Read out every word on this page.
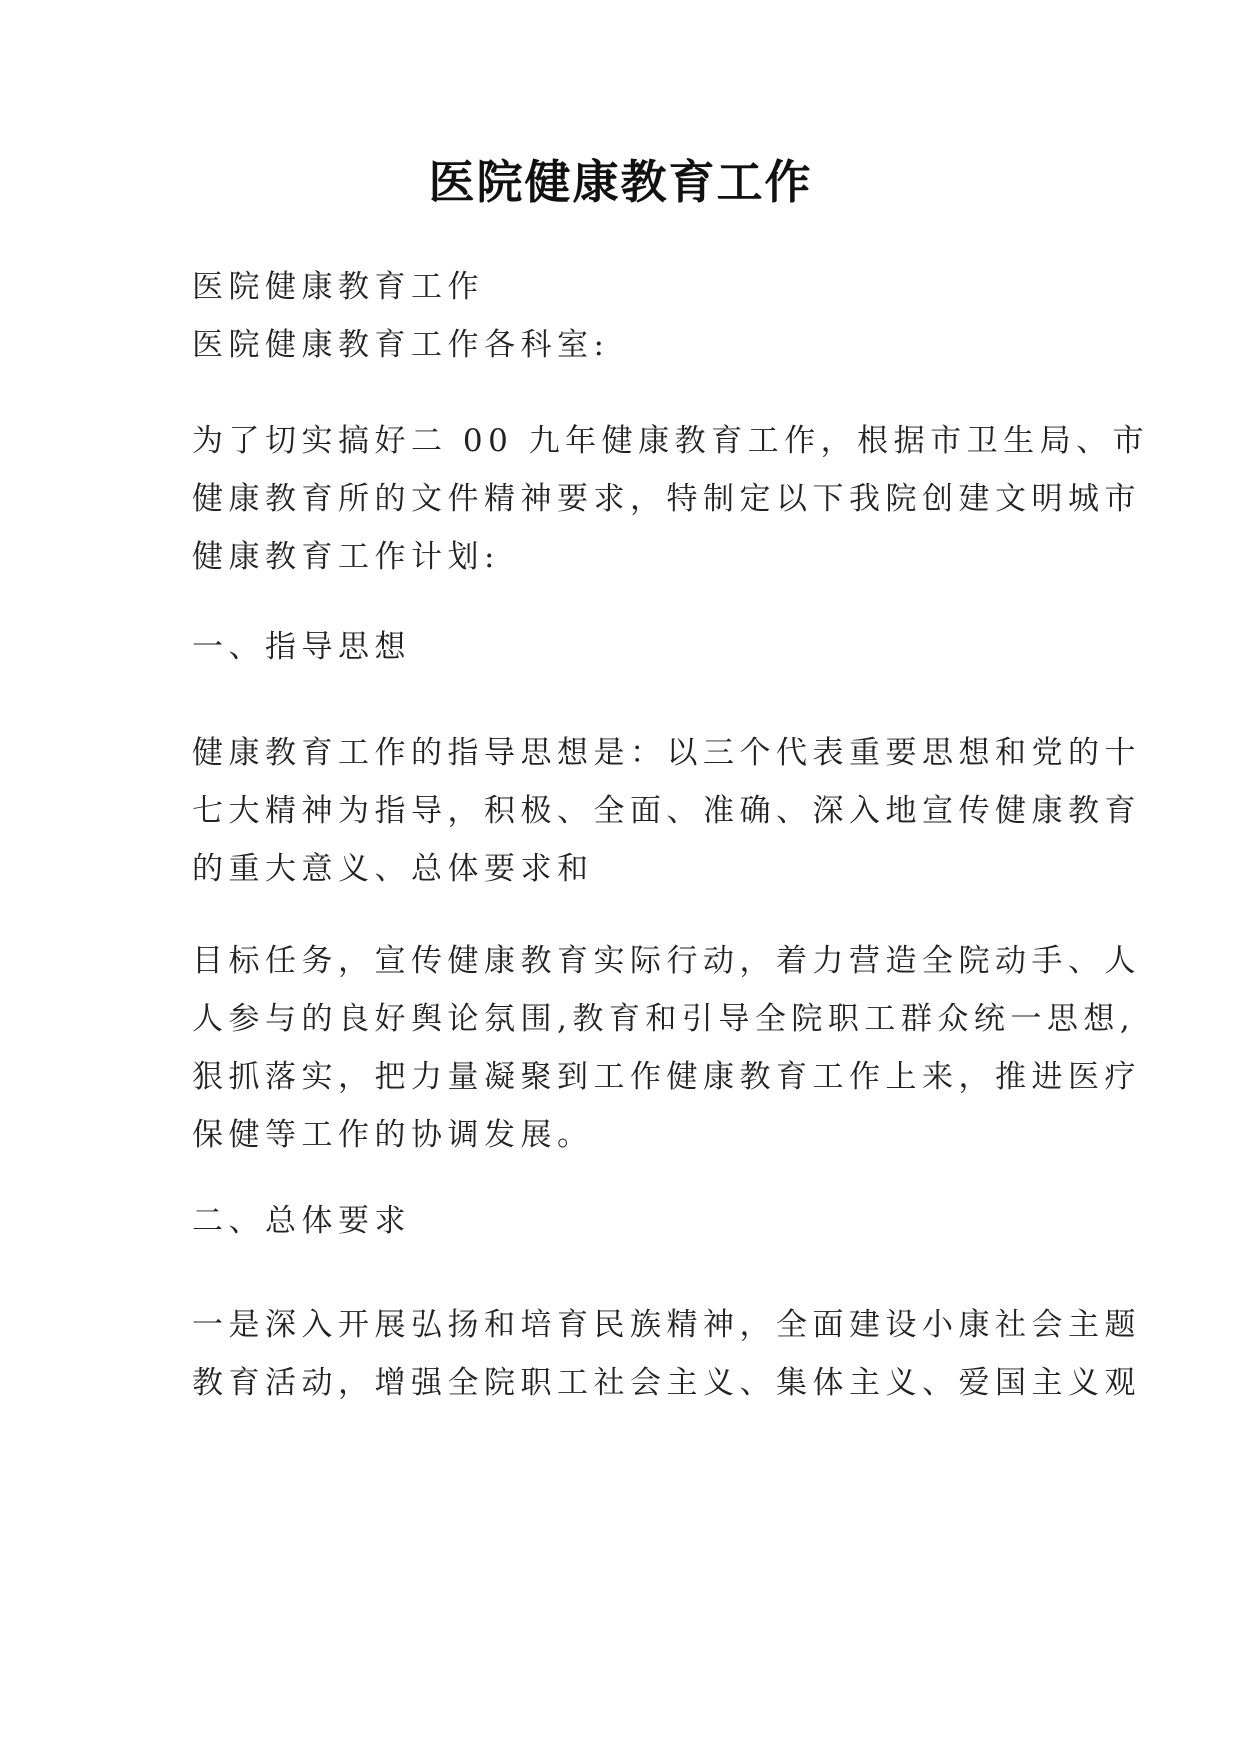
医院健康教育工作
医院健康教育工作
医院健康教育工作各科室:
为了切实搞好二 00 九年健康教育工作，根据市卫生局、市
健康教育所的文件精神要求，特制定以下我院创建文明城市
健康教育工作计划:
一、指导思想
健康教育工作的指导思想是：以三个代表重要思想和党的十
七大精神为指导，积极、全面、准确、深入地宣传健康教育
的重大意义、总体要求和
目标任务，宣传健康教育实际行动，着力营造全院动手、人
人参与的良好舆论氛围,教育和引导全院职工群众统一思想,
狠抓落实，把力量凝聚到工作健康教育工作上来，推进医疗
保健等工作的协调发展。
二、总体要求
一是深入开展弘扬和培育民族精神，全面建设小康社会主题
教育活动，增强全院职工社会主义、集体主义、爱国主义观
